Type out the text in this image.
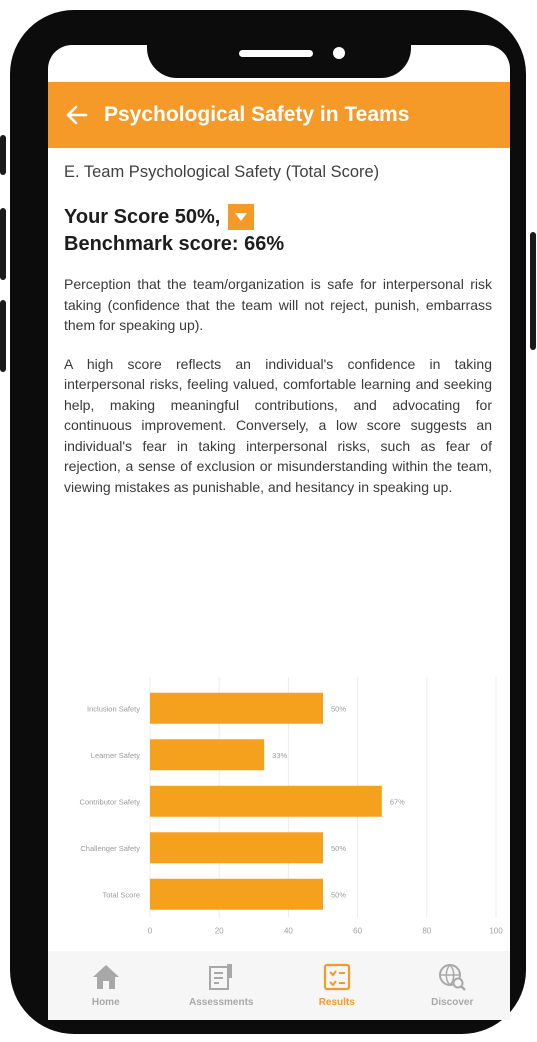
Psychological Safety in Teams
E. Team Psychological Safety (Total Score)
Your Score 50%,
Benchmark score: 66%

Perception that the team/organization is safe for interpersonal risk taking (confidence that the team will not reject, punish, embarrass them for speaking up).

A high score reflects an individual's confidence in taking interpersonal risks, feeling valued, comfortable learning and seeking help, making meaningful contributions, and advocating for continuous improvement. Conversely, a low score suggests an individual's fear in taking interpersonal risks, such as fear of rejection, a sense of exclusion or misunderstanding within the team, viewing mistakes as punishable, and hesitancy in speaking up.

Inclusion Safety	50%
Learner Safety	33%
Contributor Safety	67%
Challenger Safety	50%
Total Score	50%
0	20	40	60	80	100
Home	Assessments	Results	Discover
